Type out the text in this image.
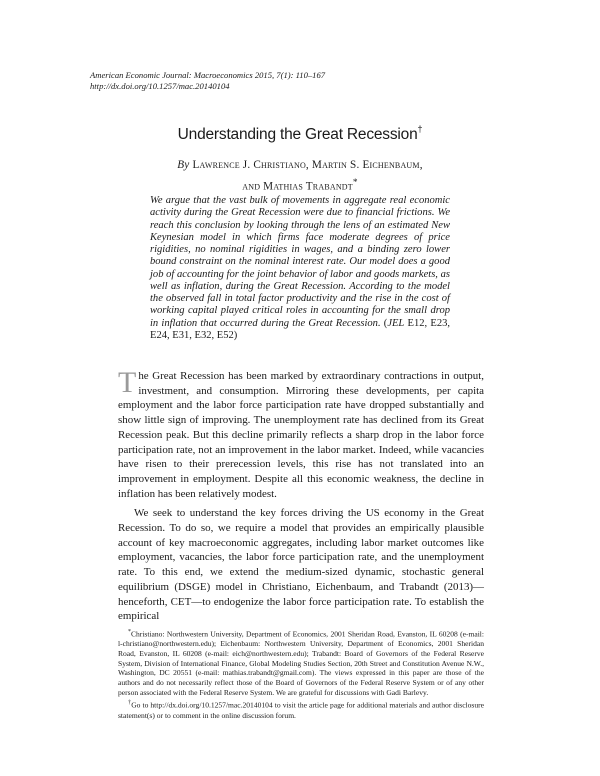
American Economic Journal: Macroeconomics 2015, 7(1): 110–167
http://dx.doi.org/10.1257/mac.20140104
Understanding the Great Recession†
By Lawrence J. Christiano, Martin S. Eichenbaum,
and Mathias Trabandt*
We argue that the vast bulk of movements in aggregate real economic activity during the Great Recession were due to financial frictions. We reach this conclusion by looking through the lens of an estimated New Keynesian model in which firms face moderate degrees of price rigidities, no nominal rigidities in wages, and a binding zero lower bound constraint on the nominal interest rate. Our model does a good job of accounting for the joint behavior of labor and goods markets, as well as inflation, during the Great Recession. According to the model the observed fall in total factor productivity and the rise in the cost of working capital played critical roles in accounting for the small drop in inflation that occurred during the Great Recession. (JEL E12, E23, E24, E31, E32, E52)

The Great Recession has been marked by extraordinary contractions in output, investment, and consumption. Mirroring these developments, per capita employment and the labor force participation rate have dropped substantially and show little sign of improving. The unemployment rate has declined from its Great Recession peak. But this decline primarily reflects a sharp drop in the labor force participation rate, not an improvement in the labor market. Indeed, while vacancies have risen to their prerecession levels, this rise has not translated into an improvement in employment. Despite all this economic weakness, the decline in inflation has been relatively modest.

We seek to understand the key forces driving the US economy in the Great Recession. To do so, we require a model that provides an empirically plausible account of key macroeconomic aggregates, including labor market outcomes like employment, vacancies, the labor force participation rate, and the unemployment rate. To this end, we extend the medium-sized dynamic, stochastic general equilibrium (DSGE) model in Christiano, Eichenbaum, and Trabandt (2013)—henceforth, CET—to endogenize the labor force participation rate. To establish the empirical

*Christiano: Northwestern University, Department of Economics, 2001 Sheridan Road, Evanston, IL 60208 (e-mail: l-christiano@northwestern.edu); Eichenbaum: Northwestern University, Department of Economics, 2001 Sheridan Road, Evanston, IL 60208 (e-mail: eich@northwestern.edu); Trabandt: Board of Governors of the Federal Reserve System, Division of International Finance, Global Modeling Studies Section, 20th Street and Constitution Avenue N.W., Washington, DC 20551 (e-mail: mathias.trabandt@gmail.com). The views expressed in this paper are those of the authors and do not necessarily reflect those of the Board of Governors of the Federal Reserve System or of any other person associated with the Federal Reserve System. We are grateful for discussions with Gadi Barlevy.

†Go to http://dx.doi.org/10.1257/mac.20140104 to visit the article page for additional materials and author disclosure statement(s) or to comment in the online discussion forum.
